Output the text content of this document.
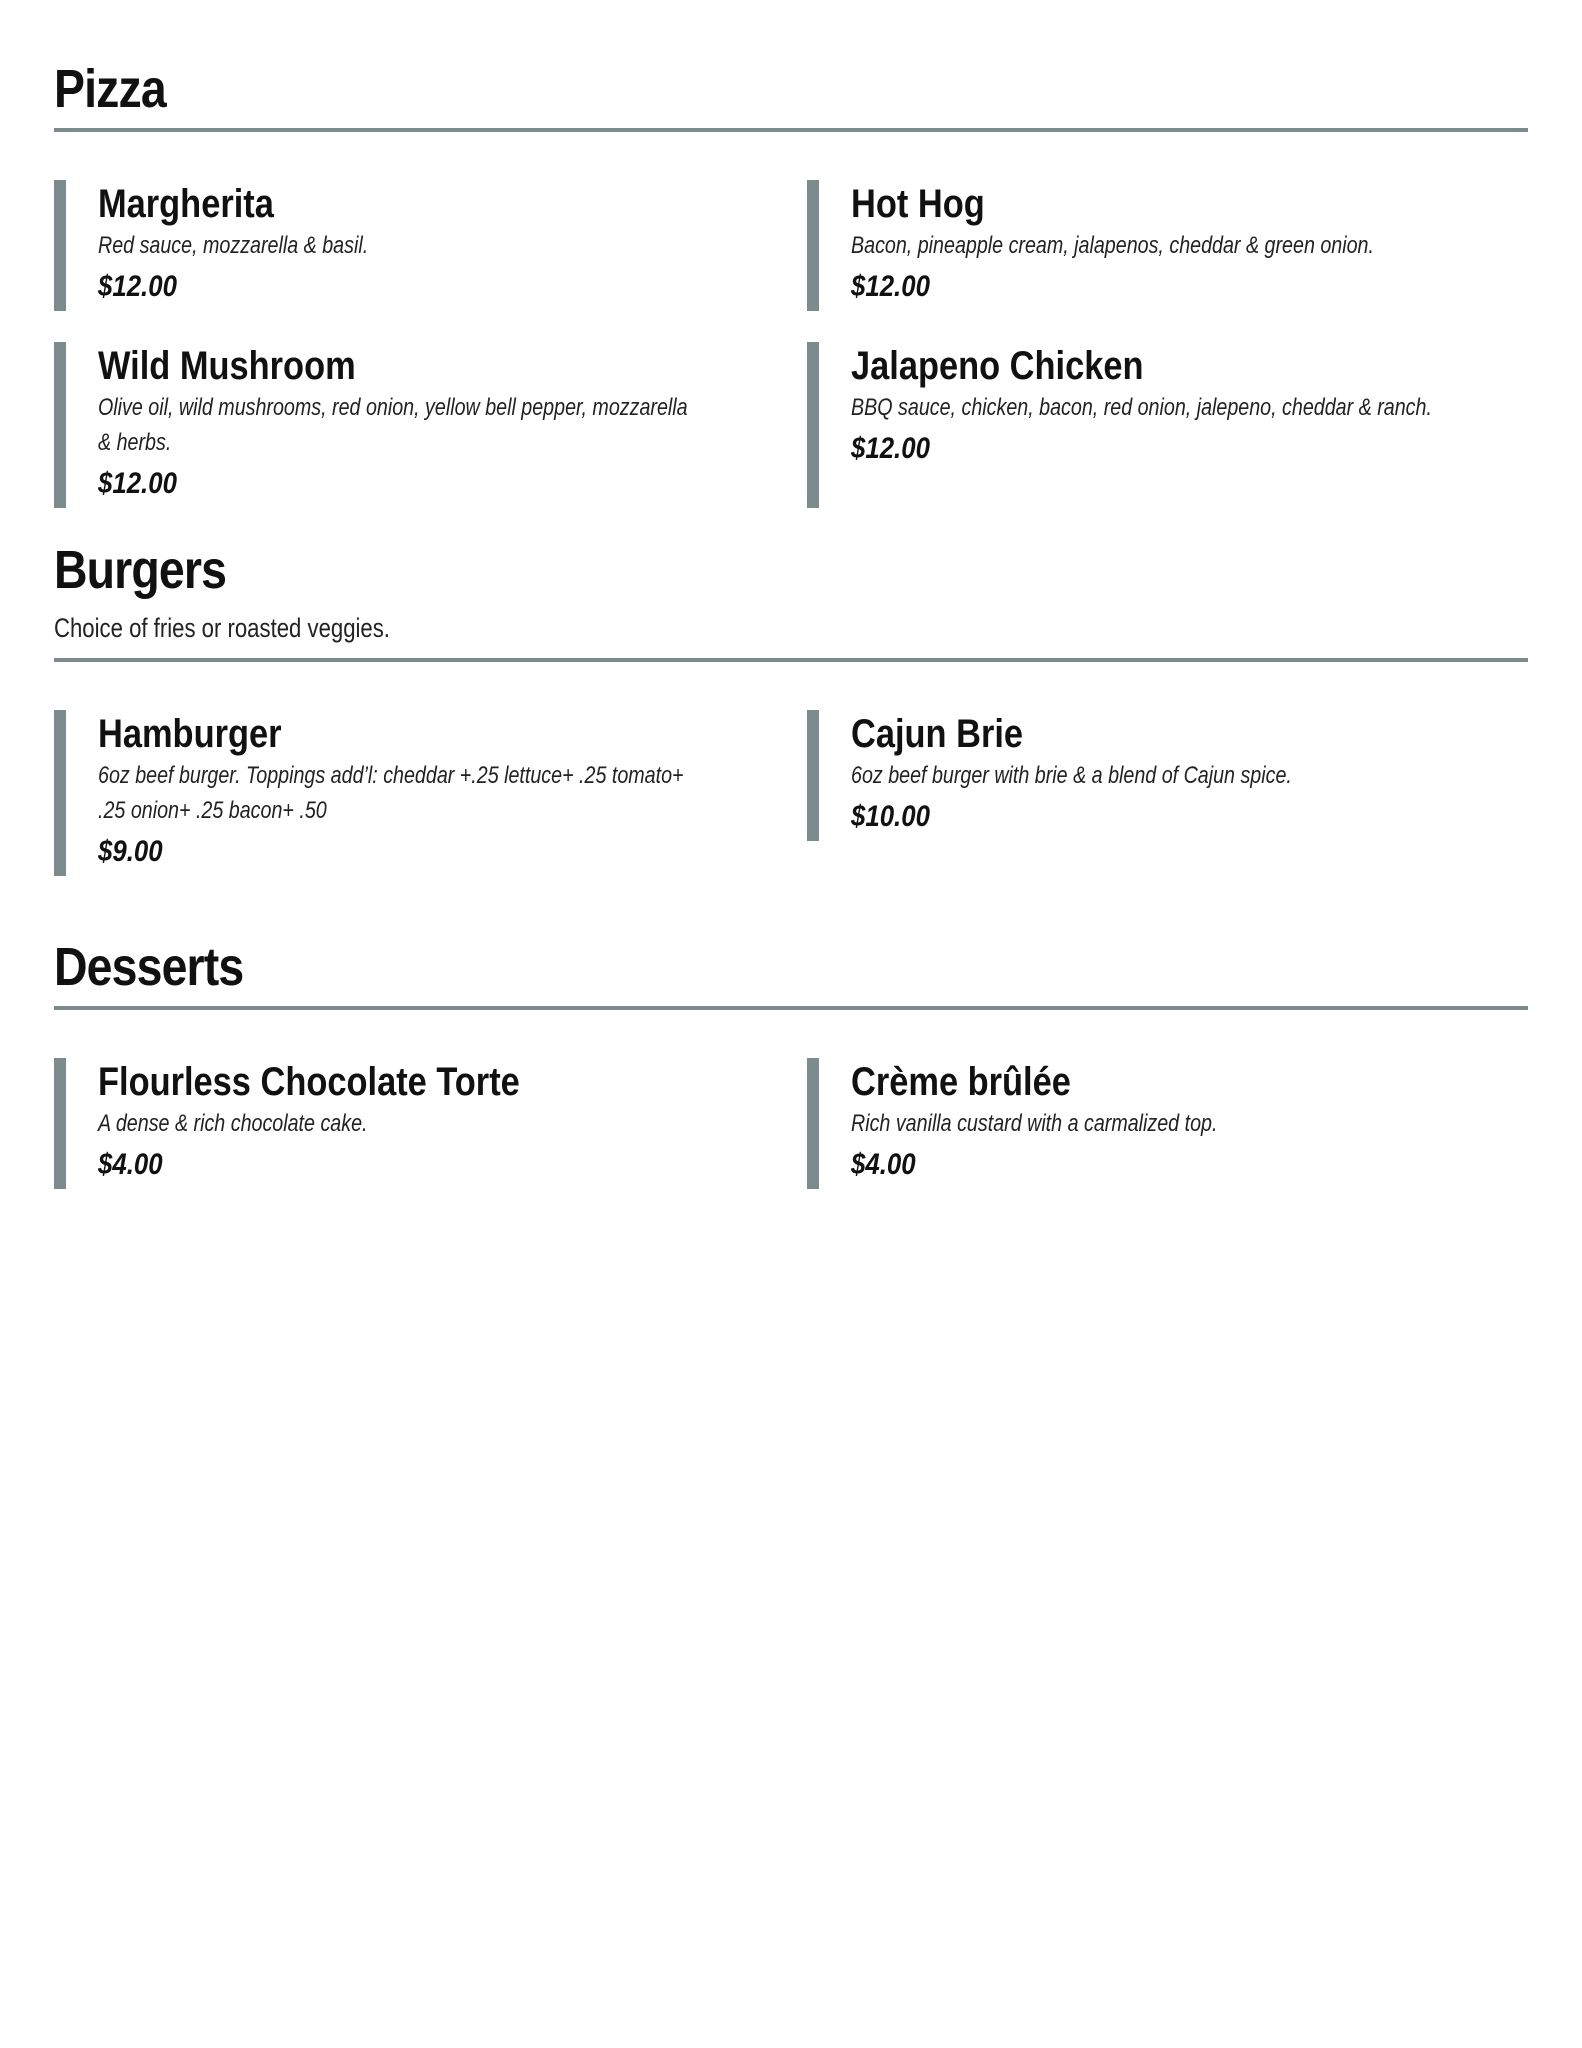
Pizza

Margherita

Red sauce, mozzarella & basil.

$12.00

Hot Hog

Bacon, pineapple cream, jalapenos, cheddar & green onion.

$12.00

Wild Mushroom

Olive oil, wild mushrooms, red onion, yellow bell pepper, mozzarella & herbs.

$12.00

Jalapeno Chicken

BBQ sauce, chicken, bacon, red onion, jalepeno, cheddar & ranch.

$12.00

Burgers

Choice of fries or roasted veggies.

Hamburger

6oz beef burger. Toppings add’l: cheddar +.25 lettuce+ .25 tomato+ .25 onion+ .25 bacon+ .50

$9.00

Cajun Brie

6oz beef burger with brie & a blend of Cajun spice.

$10.00

Desserts

Flourless Chocolate Torte

A dense & rich chocolate cake.

$4.00

Crème brûlée

Rich vanilla custard with a carmalized top.

$4.00
